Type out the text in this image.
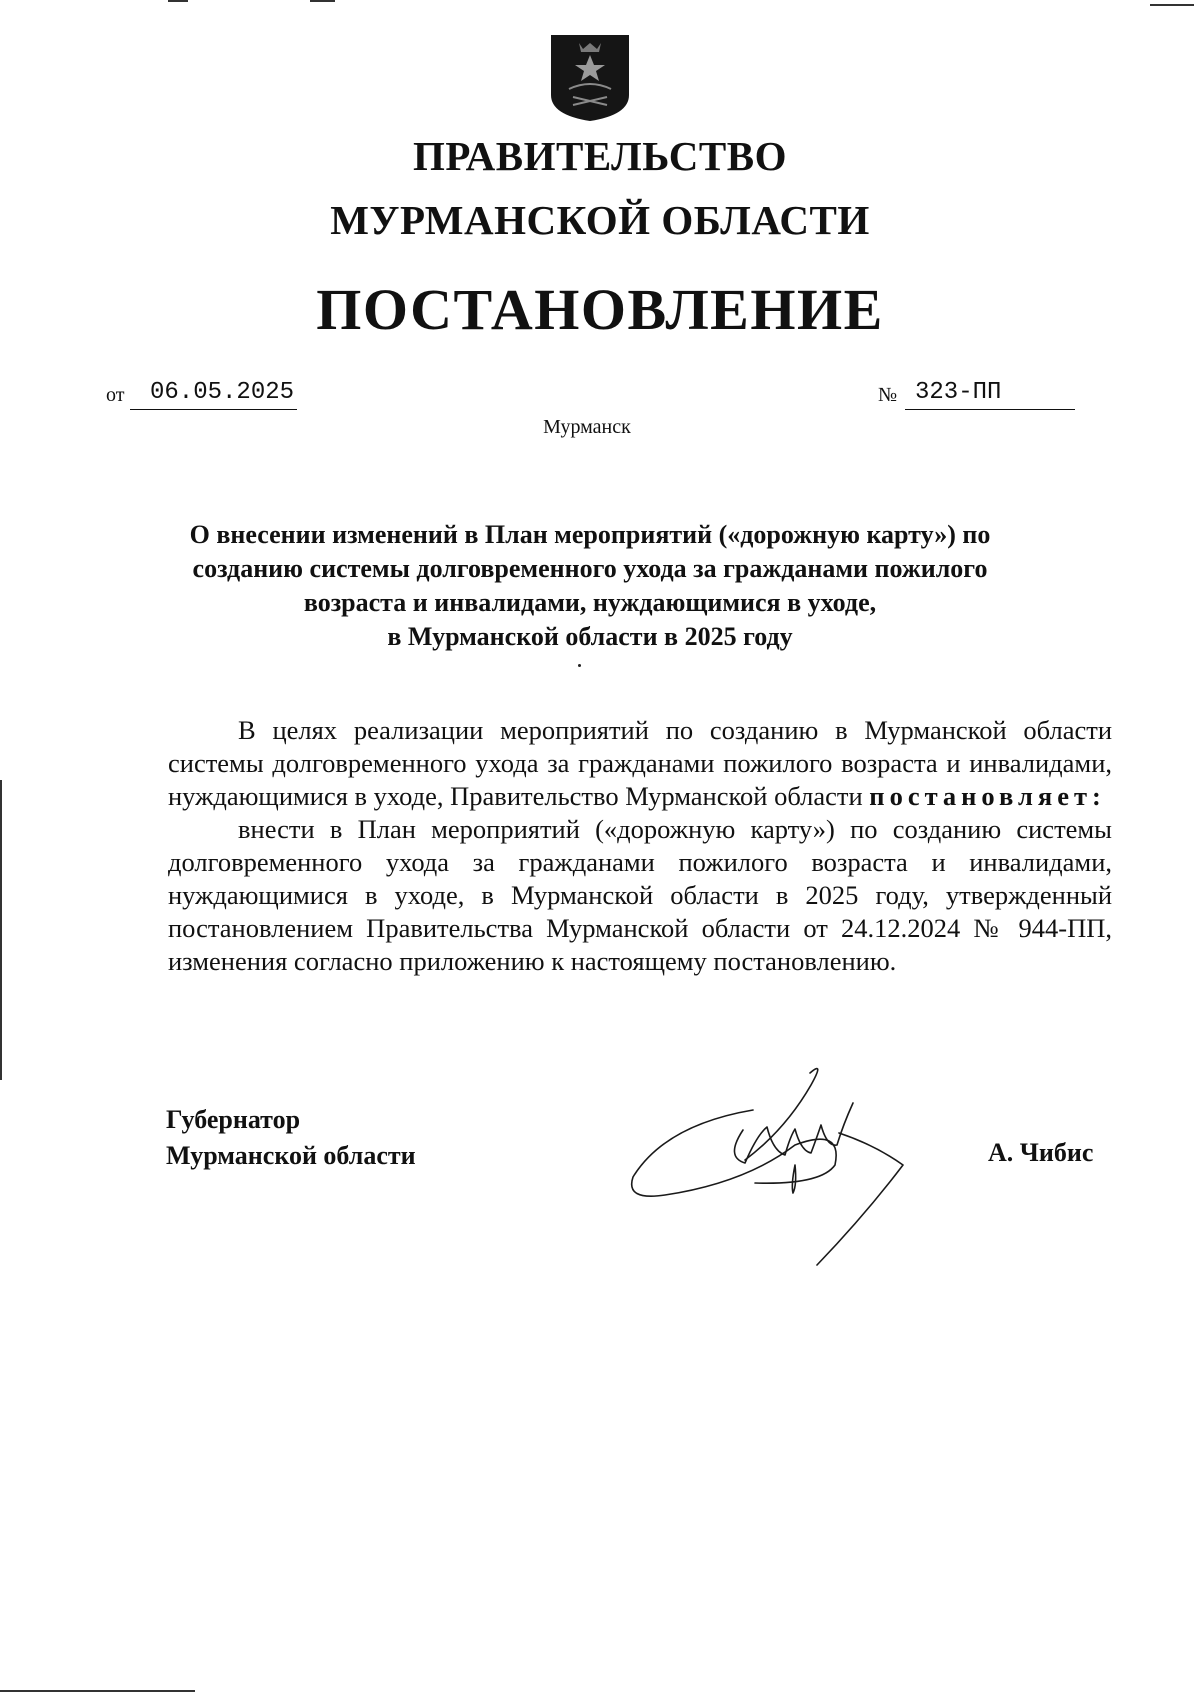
ПРАВИТЕЛЬСТВО
МУРМАНСКОЙ ОБЛАСТИ
ПОСТАНОВЛЕНИЕ
от 06.05.2025	№ 323-ПП
Мурманск
О внесении изменений в План мероприятий («дорожную карту») по
созданию системы долговременного ухода за гражданами пожилого
возраста и инвалидами, нуждающимися в уходе,
в Мурманской области в 2025 году

В целях реализации мероприятий по созданию в Мурманской области системы долговременного ухода за гражданами пожилого возраста и инвалидами, нуждающимися в уходе, Правительство Мурманской области постановляет:

внести в План мероприятий («дорожную карту») по созданию системы долговременного ухода за гражданами пожилого возраста и инвалидами, нуждающимися в уходе, в Мурманской области в 2025 году, утвержденный постановлением Правительства Мурманской области от 24.12.2024 № 944-ПП, изменения согласно приложению к настоящему постановлению.

Губернатор
Мурманской области	А. Чибис
